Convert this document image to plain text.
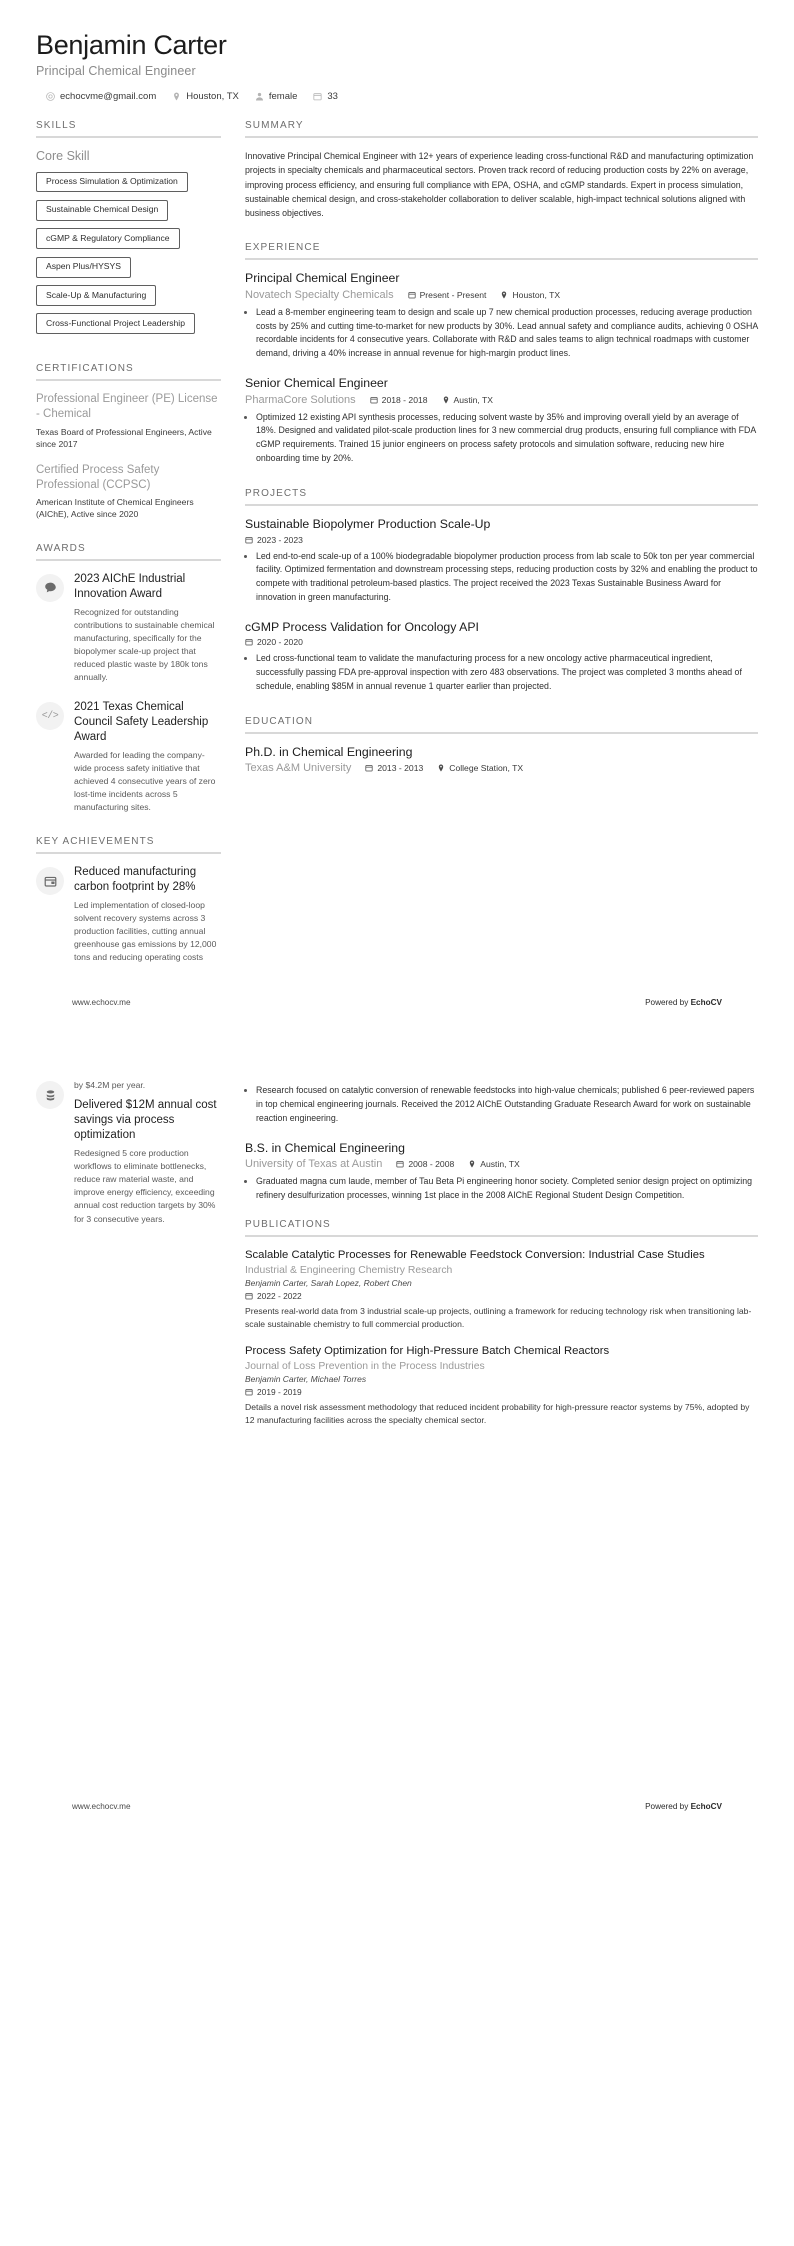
Benjamin Carter
Principal Chemical Engineer
echocvme@gmail.com	Houston, TX	female	33
SKILLS
Core Skill
Process Simulation & OptimizationSustainable Chemical DesigncGMP & Regulatory ComplianceAspen Plus/HYSYSScale-Up & ManufacturingCross-Functional Project Leadership
CERTIFICATIONS
Professional Engineer (PE) License - Chemical
Texas Board of Professional Engineers, Active since 2017
Certified Process Safety Professional (CCPSC)
American Institute of Chemical Engineers (AIChE), Active since 2020
AWARDS
2023 AIChE Industrial Innovation Award
Recognized for outstanding contributions to sustainable chemical manufacturing, specifically for the biopolymer scale-up project that reduced plastic waste by 180k tons annually.
</>
2021 Texas Chemical Council Safety Leadership Award
Awarded for leading the company-wide process safety initiative that achieved 4 consecutive years of zero lost-time incidents across 5 manufacturing sites.
KEY ACHIEVEMENTS
Reduced manufacturing carbon footprint by 28%
Led implementation of closed-loop solvent recovery systems across 3 production facilities, cutting annual greenhouse gas emissions by 12,000 tons and reducing operating costs
SUMMARY
Innovative Principal Chemical Engineer with 12+ years of experience leading cross-functional R&D and manufacturing optimization projects in specialty chemicals and pharmaceutical sectors. Proven track record of reducing production costs by 22% on average, improving process efficiency, and ensuring full compliance with EPA, OSHA, and cGMP standards. Expert in process simulation, sustainable chemical design, and cross-stakeholder collaboration to deliver scalable, high-impact technical solutions aligned with business objectives.
EXPERIENCE
Principal Chemical Engineer
Novatech Specialty Chemicals	Present - Present	Houston, TX
• Lead a 8-member engineering team to design and scale up 7 new chemical production processes, reducing average production costs by 25% and cutting time-to-market for new products by 30%. Lead annual safety and compliance audits, achieving 0 OSHA recordable incidents for 4 consecutive years. Collaborate with R&D and sales teams to align technical roadmaps with customer demand, driving a 40% increase in annual revenue for high-margin product lines.
Senior Chemical Engineer
PharmaCore Solutions	2018 - 2018	Austin, TX
• Optimized 12 existing API synthesis processes, reducing solvent waste by 35% and improving overall yield by an average of 18%. Designed and validated pilot-scale production lines for 3 new commercial drug products, ensuring full compliance with FDA cGMP requirements. Trained 15 junior engineers on process safety protocols and simulation software, reducing new hire onboarding time by 20%.
PROJECTS
Sustainable Biopolymer Production Scale-Up
2023 - 2023
• Led end-to-end scale-up of a 100% biodegradable biopolymer production process from lab scale to 50k ton per year commercial facility. Optimized fermentation and downstream processing steps, reducing production costs by 32% and enabling the product to compete with traditional petroleum-based plastics. The project received the 2023 Texas Sustainable Business Award for innovation in green manufacturing.
cGMP Process Validation for Oncology API
2020 - 2020
• Led cross-functional team to validate the manufacturing process for a new oncology active pharmaceutical ingredient, successfully passing FDA pre-approval inspection with zero 483 observations. The project was completed 3 months ahead of schedule, enabling $85M in annual revenue 1 quarter earlier than projected.
EDUCATION
Ph.D. in Chemical Engineering
Texas A&M University	2013 - 2013	College Station, TX
www.echocv.me	Powered by EchoCV
by $4.2M per year.
Delivered $12M annual cost savings via process optimization
Redesigned 5 core production workflows to eliminate bottlenecks, reduce raw material waste, and improve energy efficiency, exceeding annual cost reduction targets by 30% for 3 consecutive years.
• Research focused on catalytic conversion of renewable feedstocks into high-value chemicals; published 6 peer-reviewed papers in top chemical engineering journals. Received the 2012 AIChE Outstanding Graduate Research Award for work on sustainable reaction engineering.
B.S. in Chemical Engineering
University of Texas at Austin	2008 - 2008	Austin, TX
• Graduated magna cum laude, member of Tau Beta Pi engineering honor society. Completed senior design project on optimizing refinery desulfurization processes, winning 1st place in the 2008 AIChE Regional Student Design Competition.
PUBLICATIONS
Scalable Catalytic Processes for Renewable Feedstock Conversion: Industrial Case Studies
Industrial & Engineering Chemistry Research
Benjamin Carter, Sarah Lopez, Robert Chen
2022 - 2022
Presents real-world data from 3 industrial scale-up projects, outlining a framework for reducing technology risk when transitioning lab-scale sustainable chemistry to full commercial production.
Process Safety Optimization for High-Pressure Batch Chemical Reactors
Journal of Loss Prevention in the Process Industries
Benjamin Carter, Michael Torres
2019 - 2019
Details a novel risk assessment methodology that reduced incident probability for high-pressure reactor systems by 75%, adopted by 12 manufacturing facilities across the specialty chemical sector.
www.echocv.me	Powered by EchoCV
